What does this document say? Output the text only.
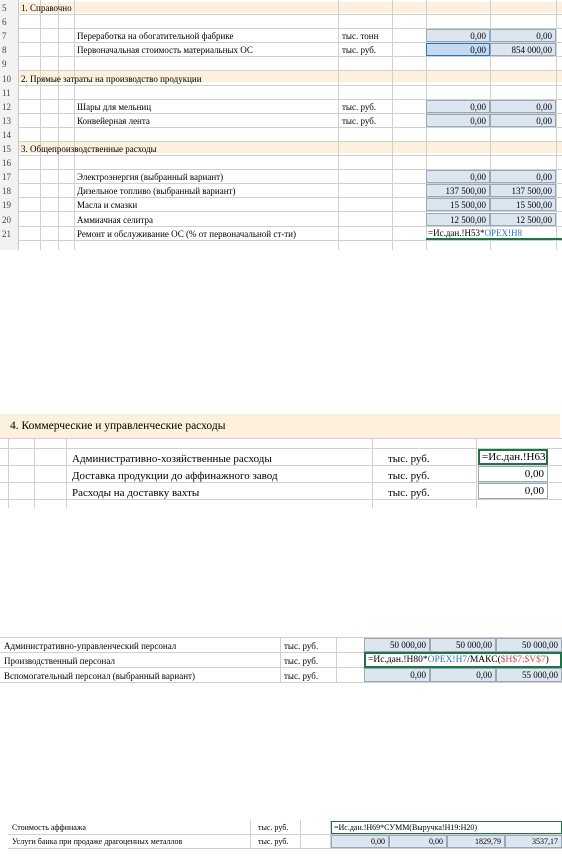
5	1. Справочно
6
7	Переработка на обогатительной фабрике	тыс. тонн	0,00	0,00
8	Первоначальная стоимость материальных ОС	тыс. руб.	0,00	854 000,00
9
10	2. Прямые затраты на производство продукции
11
12	Шары для мельниц	тыс. руб.	0,00	0,00
13	Конвейерная лента	тыс. руб.	0,00	0,00
14
15	3. Общепроизводственные расходы
16
17	Электроэнергия (выбранный вариант)	0,00	0,00
18	Дизельное топливо (выбранный вариант)	137 500,00	137 500,00
19	Масла и смазки	15 500,00	15 500,00
20	Аммиачная селитра	12 500,00	12 500,00
21	Ремонт и обслуживание ОС (% от первоначальной ст-ти)	=Ис.дан.!H53*OPEX!H8
4. Коммерческие и управленческие расходы
Административно-хозяйственные расходы	тыс. руб.	=Ис.дан.!H63
Доставка продукции до аффинажного завод	тыс. руб.	0,00
Расходы на доставку вахты	тыс. руб.	0,00
Административно-управленческий персонал	тыс. руб.	50 000,00	50 000,00	50 000,00
Производственный персонал	тыс. руб.	=Ис.дан.!H80*OPEX!H7/МАКС($H$7:$V$7)
Вспомогательный персонал (выбранный вариант)	тыс. руб.	0,00	0,00	55 000,00
Стоимость аффинажа	тыс. руб.	=Ис.дан.!H69*СУММ(Выручка!H19:H20)
Услуги банка при продаже драгоценных металлов	тыс. руб.	0,00	0,00	1829,79	3537,17
